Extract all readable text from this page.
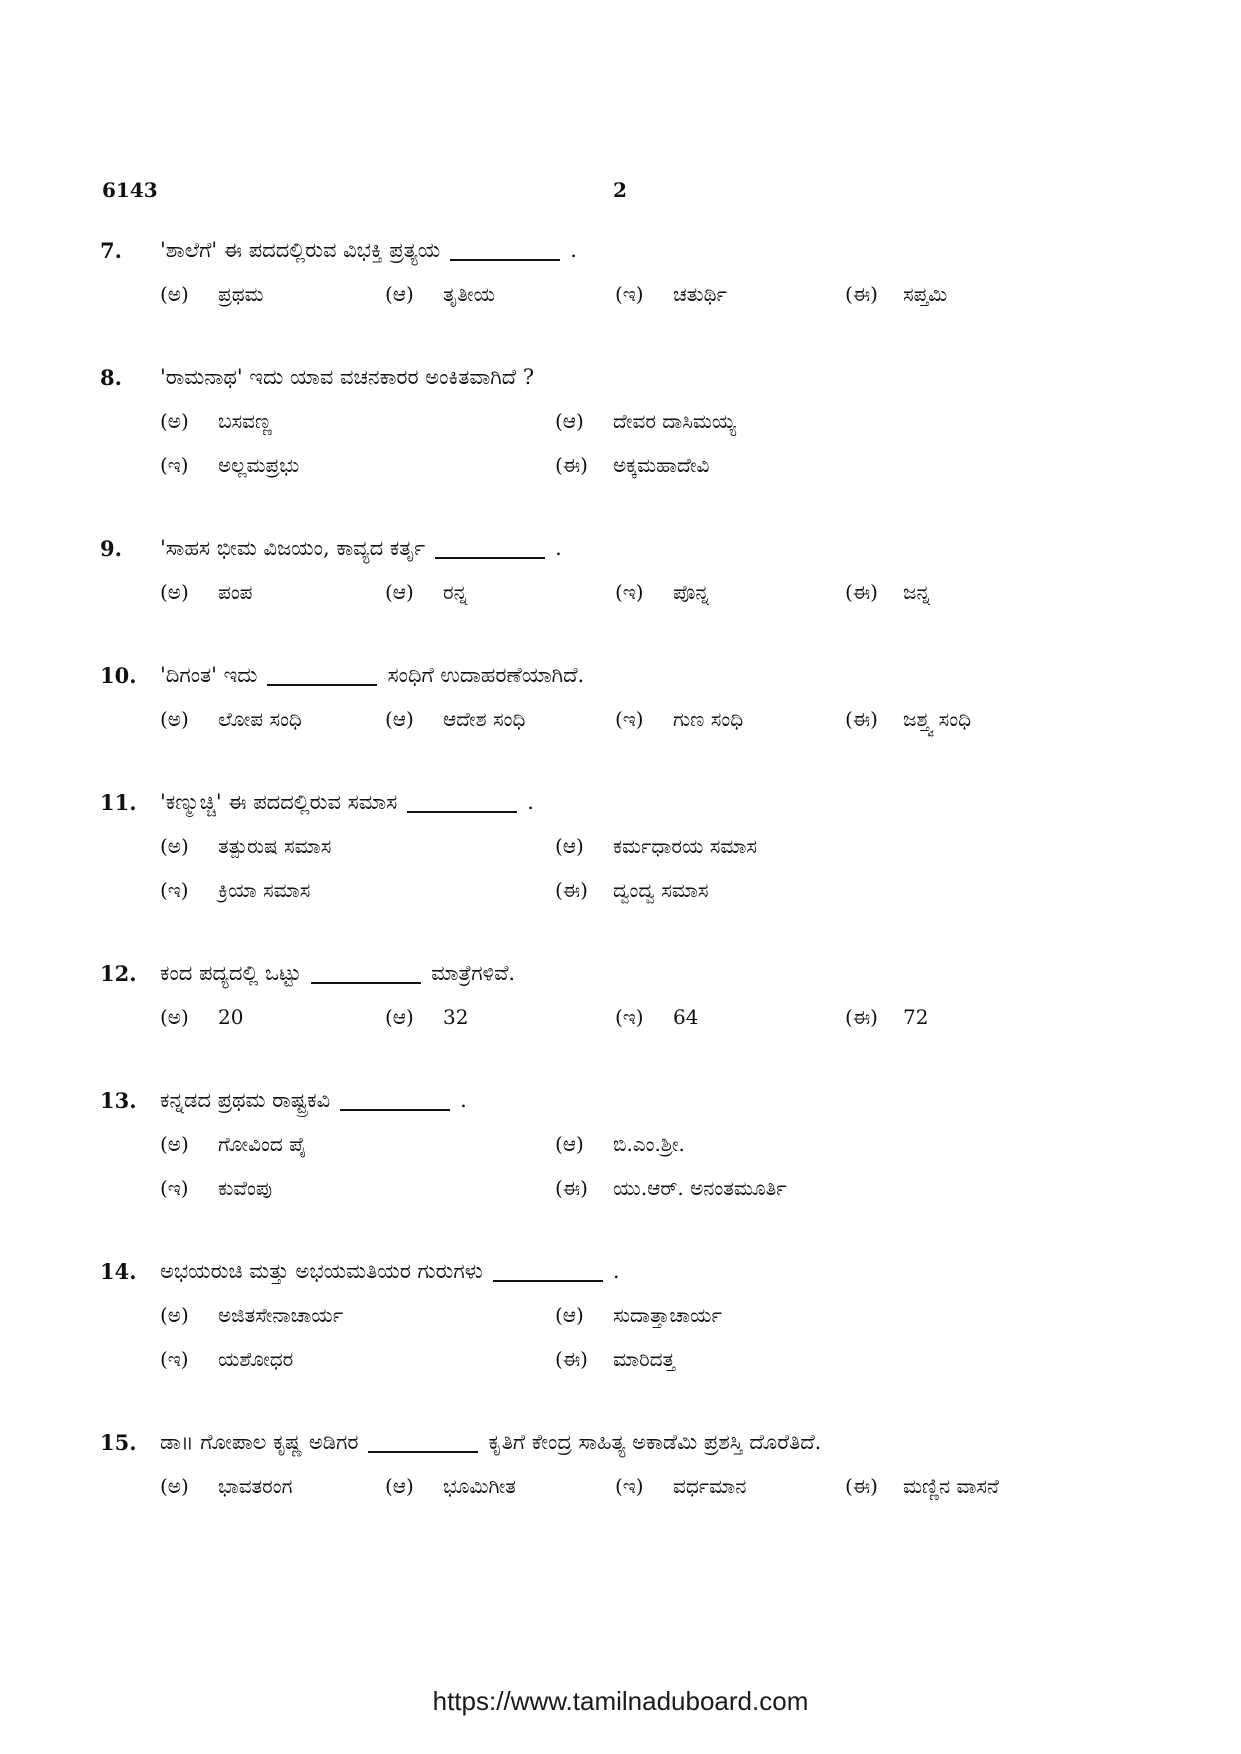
6143	2
7. 'ಶಾಲೆಗೆ' ಈ ಪದದಲ್ಲಿರುವ ವಿಭಕ್ತಿ ಪ್ರತ್ಯಯ	.
(ಅ) ಪ್ರಥಮ	(ಆ) ತೃತೀಯ	(ಇ) ಚತುರ್ಥಿ	(ಈ) ಸಪ್ತಮಿ
8. 'ರಾಮನಾಥ' ಇದು ಯಾವ ವಚನಕಾರರ ಅಂಕಿತವಾಗಿದೆ ?
(ಅ) ಬಸವಣ್ಣ	(ಆ) ದೇವರ ದಾಸಿಮಯ್ಯ
(ಇ) ಅಲ್ಲಮಪ್ರಭು	(ಈ) ಅಕ್ಕಮಹಾದೇವಿ
9. 'ಸಾಹಸ ಭೀಮ ವಿಜಯಂ, ಕಾವ್ಯದ ಕರ್ತೃ	.
(ಅ) ಪಂಪ	(ಆ) ರನ್ನ	(ಇ) ಪೊನ್ನ	(ಈ) ಜನ್ನ
10. 'ದಿಗಂತ' ಇದು	ಸಂಧಿಗೆ ಉದಾಹರಣೆಯಾಗಿದೆ.
(ಅ) ಲೋಪ ಸಂಧಿ	(ಆ) ಆದೇಶ ಸಂಧಿ	(ಇ) ಗುಣ ಸಂಧಿ	(ಈ) ಜಶ್ತ್ವ ಸಂಧಿ
11. 'ಕಣ್ಮುಚ್ಚಿ' ಈ ಪದದಲ್ಲಿರುವ ಸಮಾಸ	.
(ಅ) ತತ್ಪುರುಷ ಸಮಾಸ	(ಆ) ಕರ್ಮಧಾರಯ ಸಮಾಸ
(ಇ) ಕ್ರಿಯಾ ಸಮಾಸ	(ಈ) ದ್ವಂದ್ವ ಸಮಾಸ
12. ಕಂದ ಪದ್ಯದಲ್ಲಿ ಒಟ್ಟು	ಮಾತ್ರೆಗಳಿವೆ.
(ಅ) 20	(ಆ) 32	(ಇ) 64	(ಈ) 72
13. ಕನ್ನಡದ ಪ್ರಥಮ ರಾಷ್ಟ್ರಕವಿ	.
(ಅ) ಗೋವಿಂದ ಪೈ	(ಆ) ಬಿ.ಎಂ.ಶ್ರೀ.
(ಇ) ಕುವೆಂಪು	(ಈ) ಯು.ಆರ್. ಅನಂತಮೂರ್ತಿ
14. ಅಭಯರುಚಿ ಮತ್ತು ಅಭಯಮತಿಯರ ಗುರುಗಳು	.
(ಅ) ಅಜಿತಸೇನಾಚಾರ್ಯ	(ಆ) ಸುದಾತ್ತಾಚಾರ್ಯ
(ಇ) ಯಶೋಧರ	(ಈ) ಮಾರಿದತ್ತ
15. ಡಾ॥ ಗೋಪಾಲ ಕೃಷ್ಣ ಅಡಿಗರ	ಕೃತಿಗೆ ಕೇಂದ್ರ ಸಾಹಿತ್ಯ ಅಕಾಡೆಮಿ ಪ್ರಶಸ್ತಿ ದೊರೆತಿದೆ.
(ಅ) ಭಾವತರಂಗ	(ಆ) ಭೂಮಿಗೀತ	(ಇ) ವರ್ಧಮಾನ	(ಈ) ಮಣ್ಣಿನ ವಾಸನೆ
https://www.tamilnaduboard.com
